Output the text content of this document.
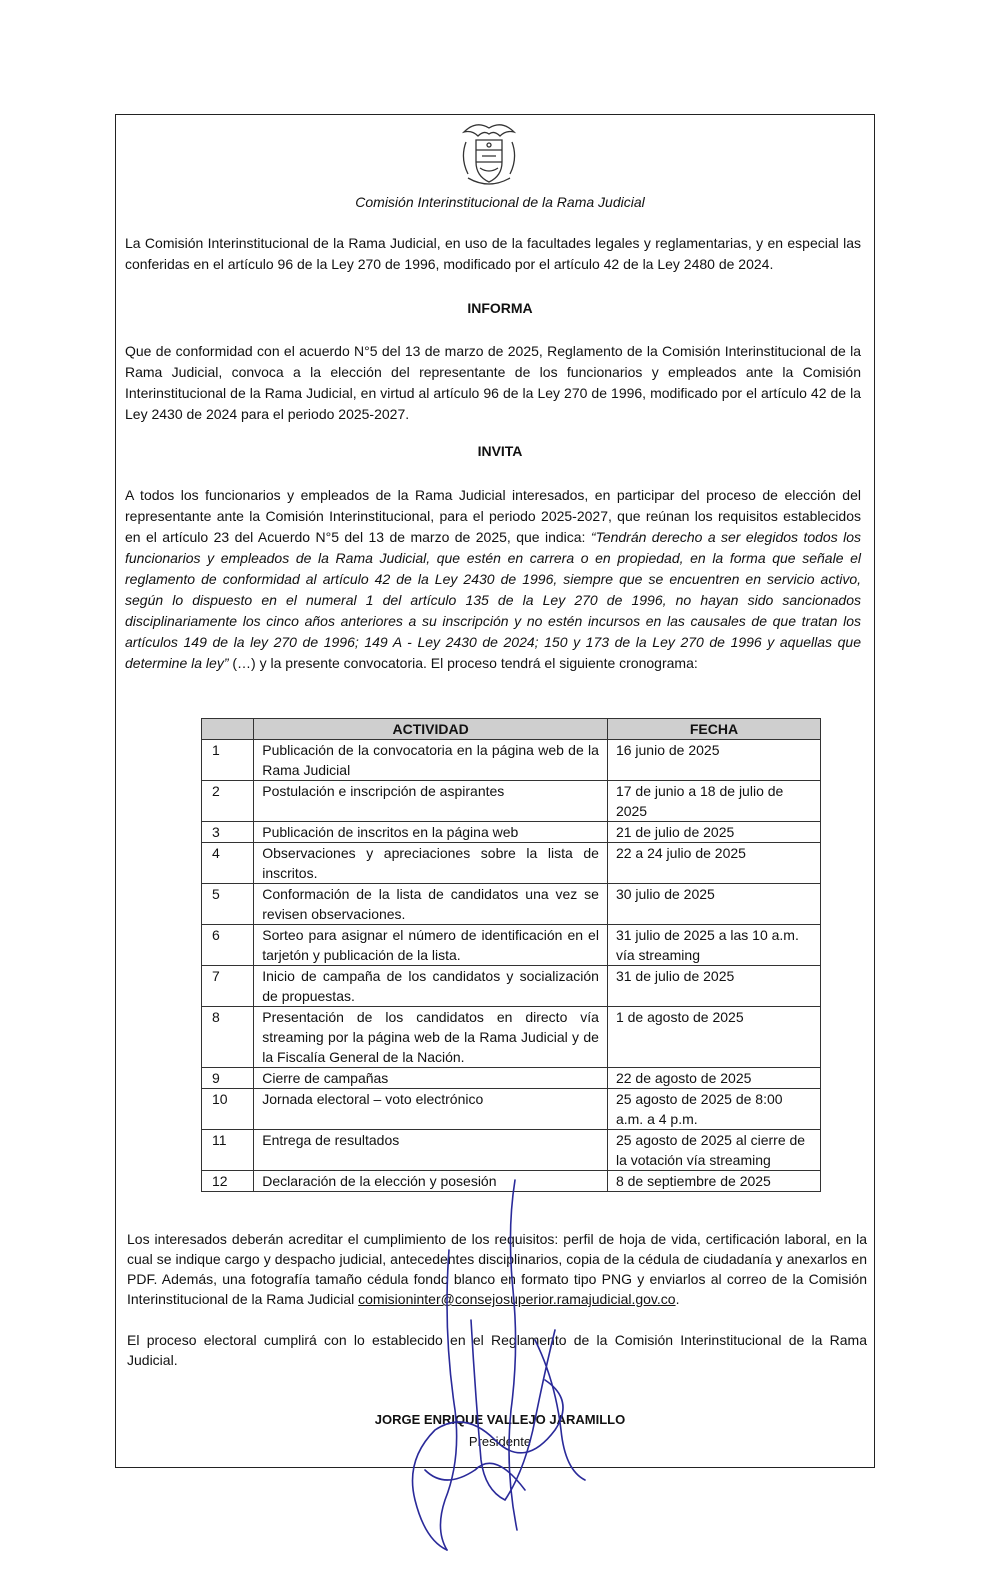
Comisión Interinstitucional de la Rama Judicial

La Comisión Interinstitucional de la Rama Judicial, en uso de la facultades legales y reglamentarias, y en especial las conferidas en el artículo 96 de la Ley 270 de 1996, modificado por el artículo 42 de la Ley 2480 de 2024.

INFORMA

Que de conformidad con el acuerdo N°5 del 13 de marzo de 2025, Reglamento de la Comisión Interinstitucional de la Rama Judicial, convoca a la elección del representante de los funcionarios y empleados ante la Comisión Interinstitucional de la Rama Judicial, en virtud al artículo 96 de la Ley 270 de 1996, modificado por el artículo 42 de la Ley 2430 de 2024 para el periodo 2025-2027.

INVITA

A todos los funcionarios y empleados de la Rama Judicial interesados, en participar del proceso de elección del representante ante la Comisión Interinstitucional, para el periodo 2025-2027, que reúnan los requisitos establecidos en el artículo 23 del Acuerdo N°5 del 13 de marzo de 2025, que indica: “Tendrán derecho a ser elegidos todos los funcionarios y empleados de la Rama Judicial, que estén en carrera o en propiedad, en la forma que señale el reglamento de conformidad al artículo 42 de la Ley 2430 de 1996, siempre que se encuentren en servicio activo, según lo dispuesto en el numeral 1 del artículo 135 de la Ley 270 de 1996, no hayan sido sancionados disciplinariamente los cinco años anteriores a su inscripción y no estén incursos en las causales de que tratan los artículos 149 de la ley 270 de 1996; 149 A - Ley 2430 de 2024; 150 y 173 de la Ley 270 de 1996 y aquellas que determine la ley” (…) y la presente convocatoria. El proceso tendrá el siguiente cronograma:

	ACTIVIDAD	FECHA
1	Publicación de la convocatoria en la página web de la Rama Judicial	16 junio de 2025
2	Postulación e inscripción de aspirantes	17 de junio a 18 de julio de 2025
3	Publicación de inscritos en la página web	21 de julio de 2025
4	Observaciones y apreciaciones sobre la lista de inscritos.	22 a 24 julio de 2025
5	Conformación de la lista de candidatos una vez se revisen observaciones.	30 julio de 2025
6	Sorteo para asignar el número de identificación en el tarjetón y publicación de la lista.	31 julio de 2025 a las 10 a.m. vía streaming
7	Inicio de campaña de los candidatos y socialización de propuestas.	31 de julio de 2025
8	Presentación de los candidatos en directo vía streaming por la página web de la Rama Judicial y de la Fiscalía General de la Nación.	1 de agosto de 2025
9	Cierre de campañas	22 de agosto de 2025
10	Jornada electoral – voto electrónico	25 agosto de 2025 de 8:00 a.m. a 4 p.m.
11	Entrega de resultados	25 agosto de 2025 al cierre de la votación vía streaming
12	Declaración de la elección y posesión	8 de septiembre de 2025

Los interesados deberán acreditar el cumplimiento de los requisitos: perfil de hoja de vida, certificación laboral, en la cual se indique cargo y despacho judicial, antecedentes disciplinarios, copia de la cédula de ciudadanía y anexarlos en PDF. Además, una fotografía tamaño cédula fondo blanco en formato tipo PNG y enviarlos al correo de la Comisión Interinstitucional de la Rama Judicial comisioninter@consejosuperior.ramajudicial.gov.co.

El proceso electoral cumplirá con lo establecido en el Reglamento de la Comisión Interinstitucional de la Rama Judicial.

JORGE ENRIQUE VALLEJO JARAMILLO
Presidente
